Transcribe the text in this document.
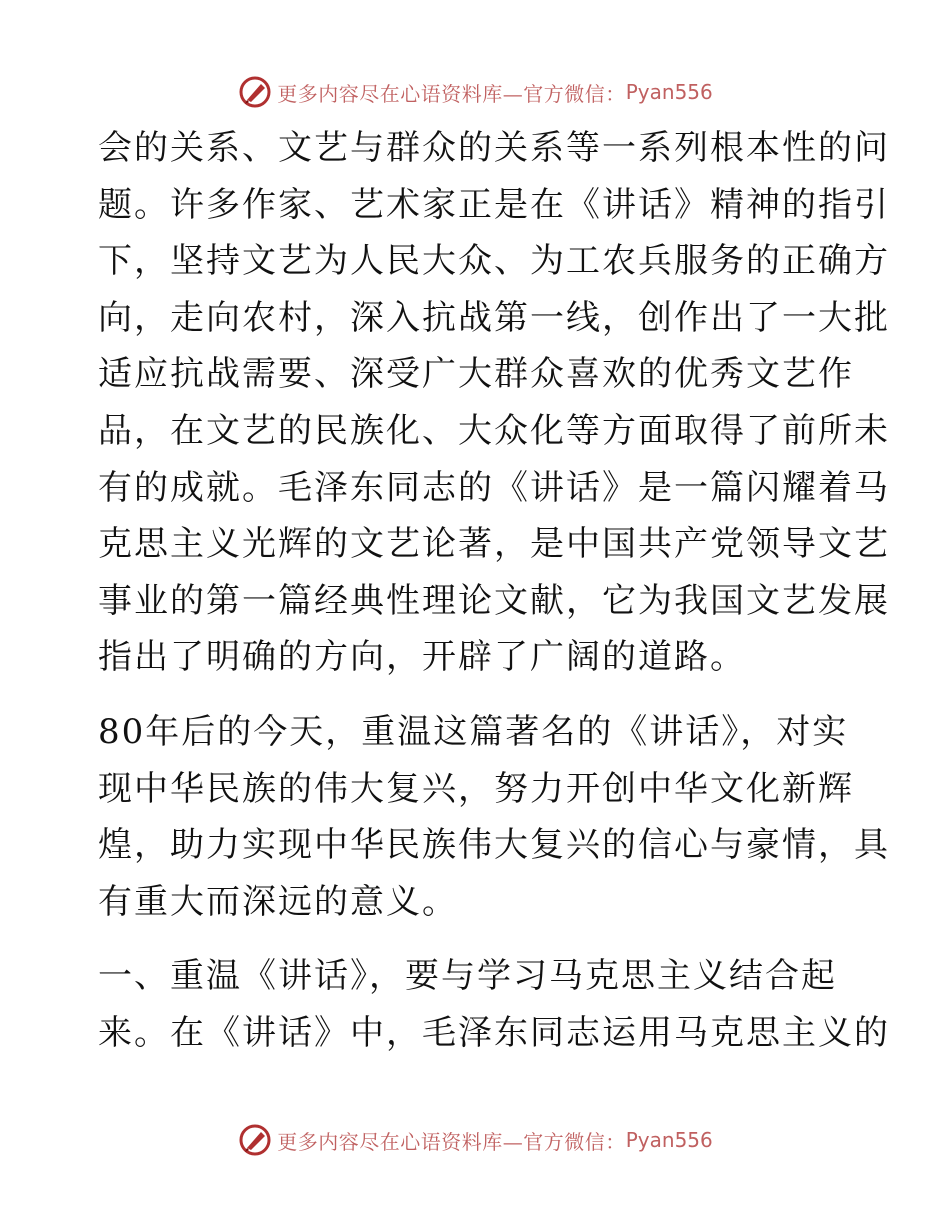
更多内容尽在心语资料库—官方微信： Pyan556

会的关系、文艺与群众的关系等一系列根本性的问
题。许多作家、艺术家正是在《讲话》精神的指引
下，坚持文艺为人民大众、为工农兵服务的正确方
向，走向农村，深入抗战第一线，创作出了一大批
适应抗战需要、深受广大群众喜欢的优秀文艺作
品，在文艺的民族化、大众化等方面取得了前所未
有的成就。毛泽东同志的《讲话》是一篇闪耀着马
克思主义光辉的文艺论著，是中国共产党领导文艺
事业的第一篇经典性理论文献，它为我国文艺发展
指出了明确的方向，开辟了广阔的道路。

80年后的今天，重温这篇著名的《讲话》，对实
现中华民族的伟大复兴，努力开创中华文化新辉
煌，助力实现中华民族伟大复兴的信心与豪情，具
有重大而深远的意义。

一、重温《讲话》，要与学习马克思主义结合起
来。在《讲话》中，毛泽东同志运用马克思主义的

更多内容尽在心语资料库—官方微信： Pyan556
